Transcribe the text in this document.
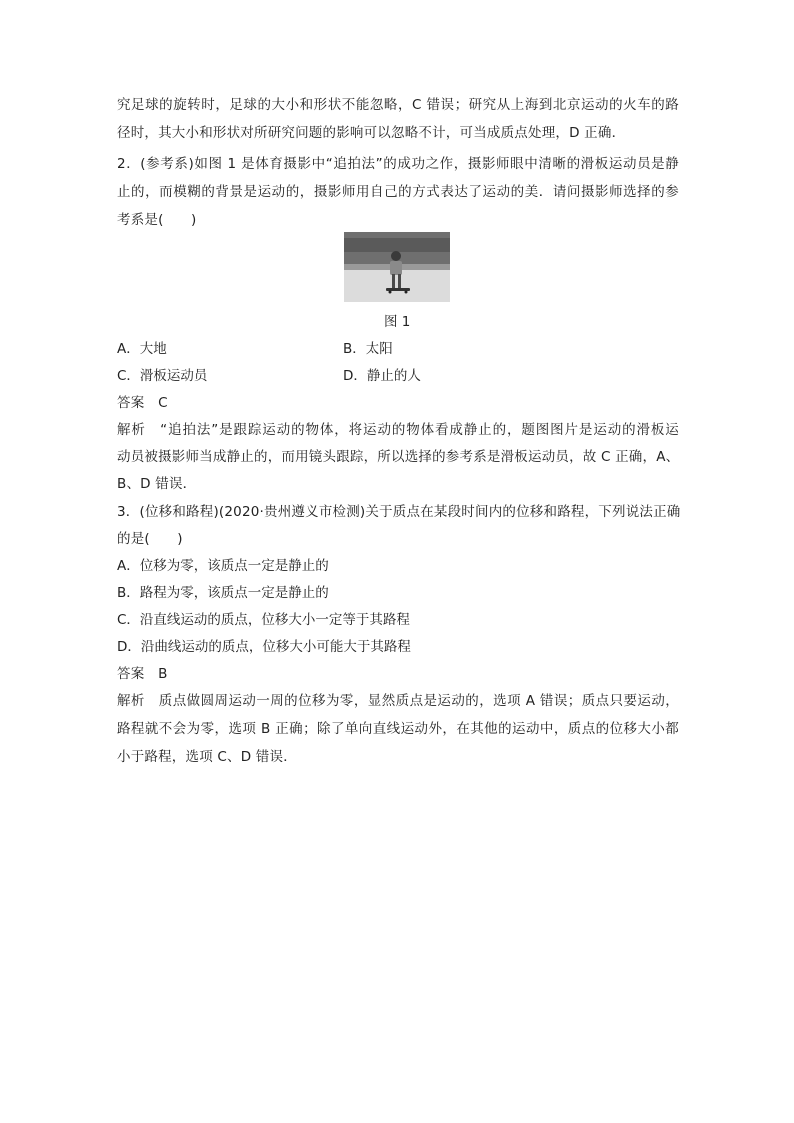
究足球的旋转时，足球的大小和形状不能忽略，C 错误；研究从上海到北京运动的火车的路
径时，其大小和形状对所研究问题的影响可以忽略不计，可当成质点处理，D 正确．
2．(参考系)如图 1 是体育摄影中“追拍法”的成功之作，摄影师眼中清晰的滑板运动员是静
止的，而模糊的背景是运动的，摄影师用自己的方式表达了运动的美．请问摄影师选择的参
考系是(　　)
图 1
A．大地	B．太阳
C．滑板运动员	D．静止的人
答案　C
解析　“追拍法”是跟踪运动的物体，将运动的物体看成静止的，题图图片是运动的滑板运
动员被摄影师当成静止的，而用镜头跟踪，所以选择的参考系是滑板运动员，故 C 正确，A、
B、D 错误．
3．(位移和路程)(2020·贵州遵义市检测)关于质点在某段时间内的位移和路程，下列说法正确
的是(　　)
A．位移为零，该质点一定是静止的
B．路程为零，该质点一定是静止的
C．沿直线运动的质点，位移大小一定等于其路程
D．沿曲线运动的质点，位移大小可能大于其路程
答案　B
解析　质点做圆周运动一周的位移为零，显然质点是运动的，选项 A 错误；质点只要运动，
路程就不会为零，选项 B 正确；除了单向直线运动外，在其他的运动中，质点的位移大小都
小于路程，选项 C、D 错误．
